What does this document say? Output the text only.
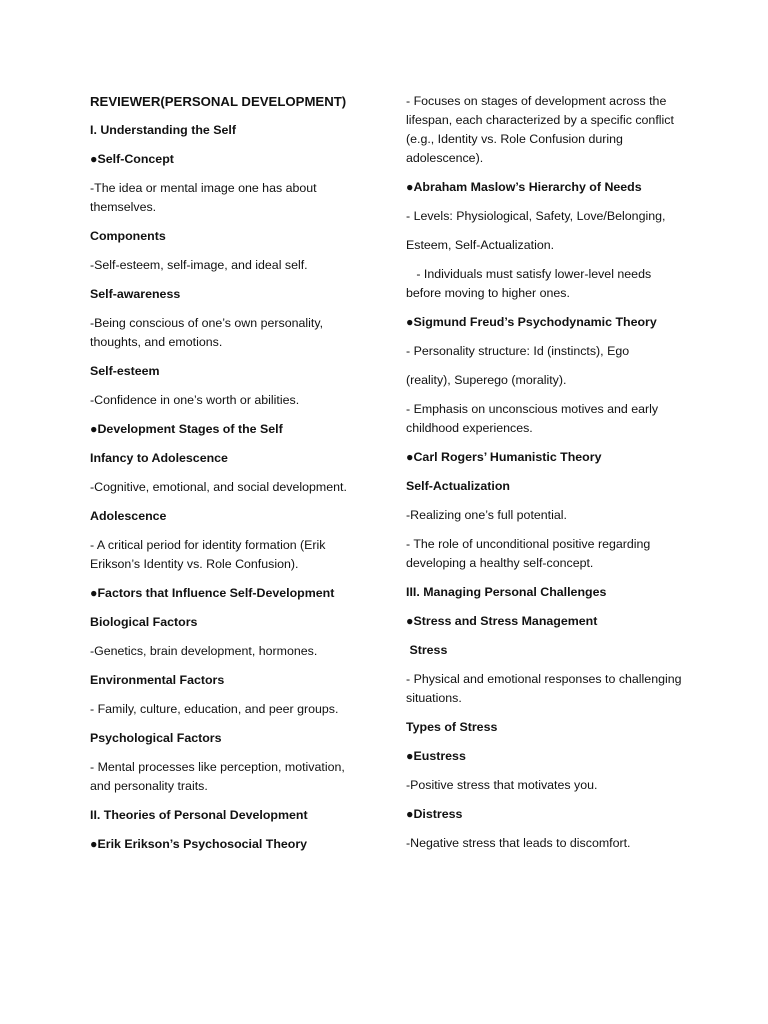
REVIEWER(PERSONAL DEVELOPMENT)
I. Understanding the Self
●Self-Concept
-The idea or mental image one has about themselves.
Components
-Self-esteem, self-image, and ideal self.
Self-awareness
-Being conscious of one’s own personality, thoughts, and emotions.
Self-esteem
-Confidence in one’s worth or abilities.
●Development Stages of the Self
Infancy to Adolescence
-Cognitive, emotional, and social development.
Adolescence
- A critical period for identity formation (Erik Erikson’s Identity vs. Role Confusion).
●Factors that Influence Self-Development
Biological Factors
-Genetics, brain development, hormones.
Environmental Factors
- Family, culture, education, and peer groups.
Psychological Factors
- Mental processes like perception, motivation, and personality traits.
II. Theories of Personal Development
●Erik Erikson’s Psychosocial Theory
- Focuses on stages of development across the lifespan, each characterized by a specific conflict (e.g., Identity vs. Role Confusion during adolescence).
●Abraham Maslow’s Hierarchy of Needs
- Levels: Physiological, Safety, Love/Belonging,
Esteem, Self-Actualization.
- Individuals must satisfy lower-level needs before moving to higher ones.
●Sigmund Freud’s Psychodynamic Theory
- Personality structure: Id (instincts), Ego
(reality), Superego (morality).
- Emphasis on unconscious motives and early childhood experiences.
●Carl Rogers’ Humanistic Theory
Self-Actualization
-Realizing one’s full potential.
- The role of unconditional positive regarding developing a healthy self-concept.
III. Managing Personal Challenges
●Stress and Stress Management
Stress
- Physical and emotional responses to challenging situations.
Types of Stress
●Eustress
-Positive stress that motivates you.
●Distress
-Negative stress that leads to discomfort.
